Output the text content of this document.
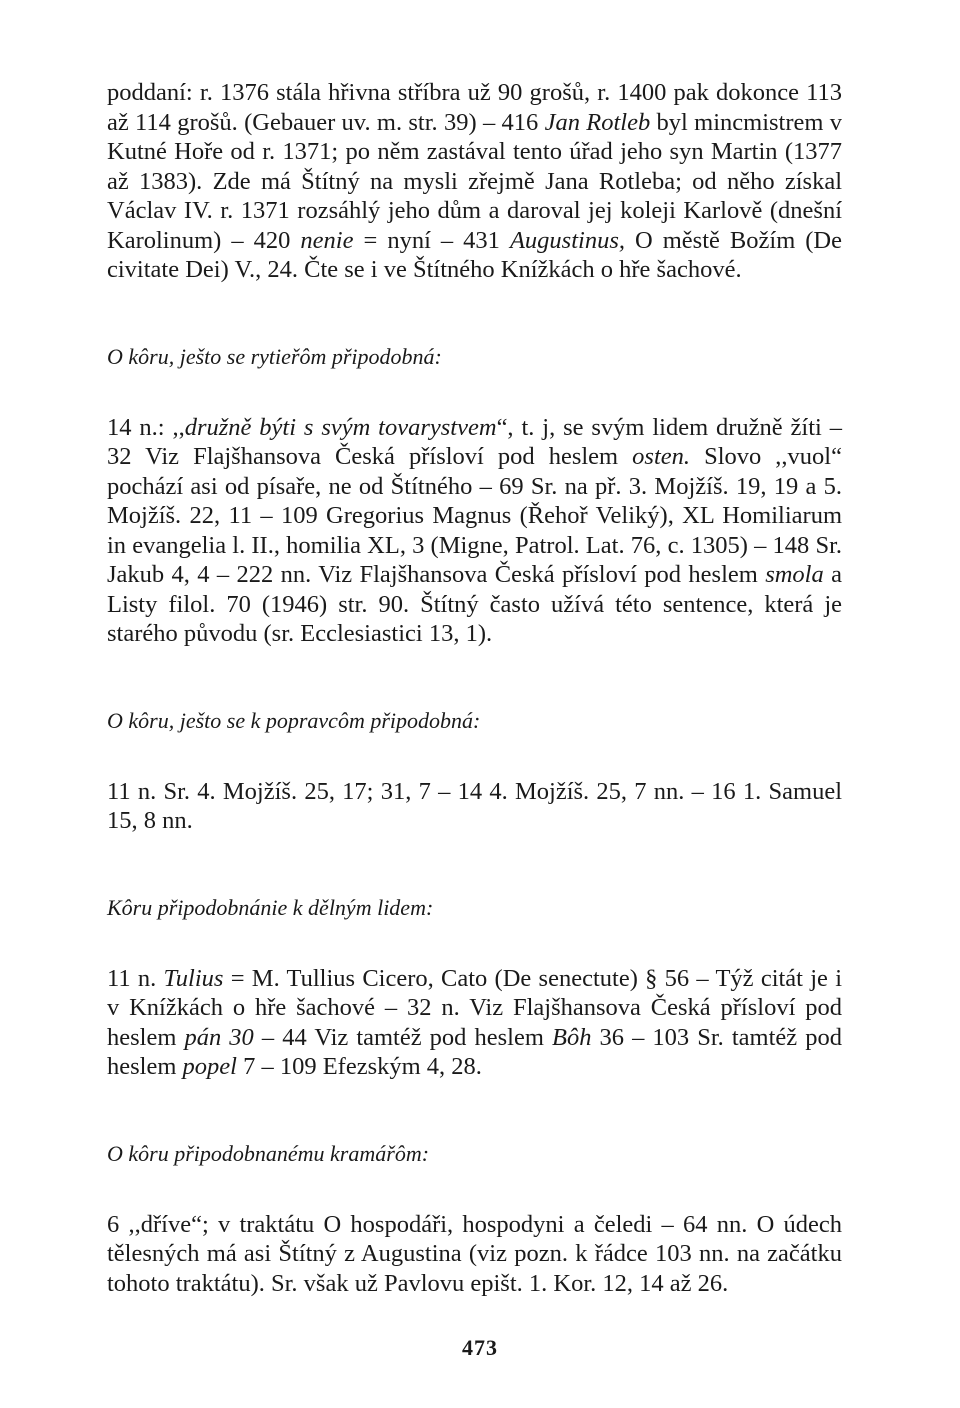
poddaní: r. 1376 stála hřivna stříbra už 90 grošů, r. 1400 pak dokonce 113 až 114 grošů. (Gebauer uv. m. str. 39) – 416 Jan Rotleb byl mincmistrem v Kutné Hoře od r. 1371; po něm zastával tento úřad jeho syn Martin (1377 až 1383). Zde má Štítný na mysli zřejmě Jana Rotleba; od něho získal Václav IV. r. 1371 rozsáhlý jeho dům a daroval jej koleji Karlově (dnešní Karolinum) – 420 nenie = nyní – 431 Augustinus, O městě Božím (De civitate Dei) V., 24. Čte se i ve Štítného Knížkách o hře šachové.

O kôru, ješto se rytieřôm připodobná:

14 n.: ,,družně býti s svým tovarystvem“, t. j, se svým lidem družně žíti – 32 Viz Flajšhansova Česká přísloví pod heslem osten. Slovo ,,vuol“ pochází asi od písaře, ne od Štítného – 69 Sr. na př. 3. Mojžíš. 19, 19 a 5. Mojžíš. 22, 11 – 109 Gregorius Magnus (Řehoř Veliký), XL Homiliarum in evangelia l. II., homilia XL, 3 (Migne, Patrol. Lat. 76, c. 1305) – 148 Sr. Jakub 4, 4 – 222 nn. Viz Flajšhansova Česká přísloví pod heslem smola a Listy filol. 70 (1946) str. 90. Štítný často užívá této sentence, která je starého původu (sr. Ecclesiastici 13, 1).

O kôru, ješto se k popravcôm připodobná:

11 n. Sr. 4. Mojžíš. 25, 17; 31, 7 – 14 4. Mojžíš. 25, 7 nn. – 16 1. Samuel 15, 8 nn.

Kôru připodobnánie k dělným lidem:

11 n. Tulius = M. Tullius Cicero, Cato (De senectute) § 56 – Týž citát je i v Knížkách o hře šachové – 32 n. Viz Flajšhansova Česká přísloví pod heslem pán 30 – 44 Viz tamtéž pod heslem Bôh 36 – 103 Sr. tamtéž pod heslem popel 7 – 109 Efezským 4, 28.

O kôru připodobnanému kramářôm:

6 ,,dříve“; v traktátu O hospodáři, hospodyni a čeledi – 64 nn. O údech tělesných má asi Štítný z Augustina (viz pozn. k řádce 103 nn. na začátku tohoto traktátu). Sr. však už Pavlovu epišt. 1. Kor. 12, 14 až 26.

473
